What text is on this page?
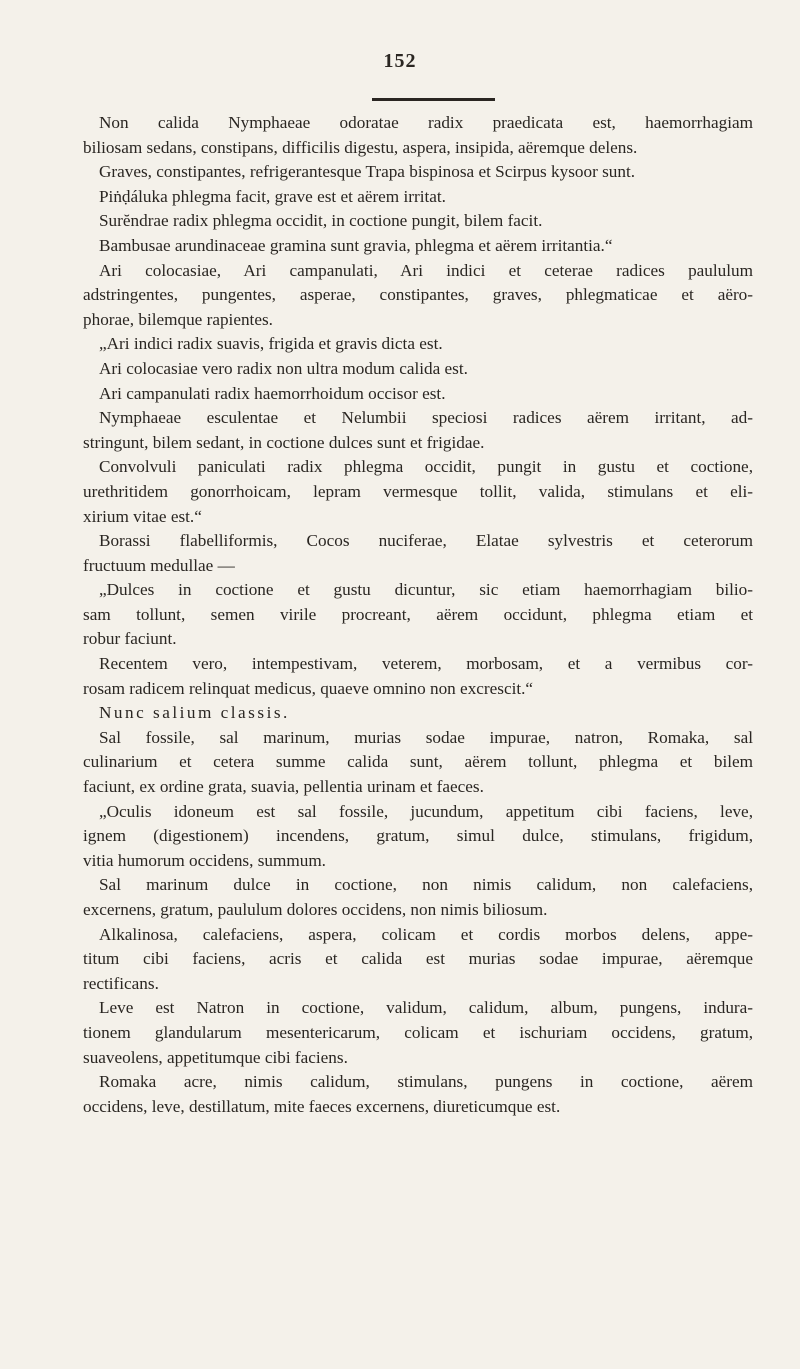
152
Non calida Nymphaeae odoratae radix praedicata est, haemorrhagiam
biliosam sedans, constipans, difficilis digestu, aspera, insipida, aëremque delens.
Graves, constipantes, refrigerantesque Trapa bispinosa et Scirpus kysoor sunt.
Piṅḍáluka phlegma facit, grave est et aërem irritat.
Surĕndrae radix phlegma occidit, in coctione pungit, bilem facit.
Bambusae arundinaceae gramina sunt gravia, phlegma et aërem irritantia.“
Ari colocasiae, Ari campanulati, Ari indici et ceterae radices paululum
adstringentes, pungentes, asperae, constipantes, graves, phlegmaticae et aëro-
phorae, bilemque rapientes.
„Ari indici radix suavis, frigida et gravis dicta est.
Ari colocasiae vero radix non ultra modum calida est.
Ari campanulati radix haemorrhoidum occisor est.
Nymphaeae esculentae et Nelumbii speciosi radices aërem irritant, ad-
stringunt, bilem sedant, in coctione dulces sunt et frigidae.
Convolvuli paniculati radix phlegma occidit, pungit in gustu et coctione,
urethritidem gonorrhoicam, lepram vermesque tollit, valida, stimulans et eli-
xirium vitae est.“
Borassi flabelliformis, Cocos nuciferae, Elatae sylvestris et ceterorum
fructuum medullae —
„Dulces in coctione et gustu dicuntur, sic etiam haemorrhagiam bilio-
sam tollunt, semen virile procreant, aërem occidunt, phlegma etiam et
robur faciunt.
Recentem vero, intempestivam, veterem, morbosam, et a vermibus cor-
rosam radicem relinquat medicus, quaeve omnino non excrescit.“
Nunc salium classis.
Sal fossile, sal marinum, murias sodae impurae, natron, Romaka, sal
culinarium et cetera summe calida sunt, aërem tollunt, phlegma et bilem
faciunt, ex ordine grata, suavia, pellentia urinam et faeces.
„Oculis idoneum est sal fossile, jucundum, appetitum cibi faciens, leve,
ignem (digestionem) incendens, gratum, simul dulce, stimulans, frigidum,
vitia humorum occidens, summum.
Sal marinum dulce in coctione, non nimis calidum, non calefaciens,
excernens, gratum, paululum dolores occidens, non nimis biliosum.
Alkalinosa, calefaciens, aspera, colicam et cordis morbos delens, appe-
titum cibi faciens, acris et calida est murias sodae impurae, aëremque
rectificans.
Leve est Natron in coctione, validum, calidum, album, pungens, indura-
tionem glandularum mesentericarum, colicam et ischuriam occidens, gratum,
suaveolens, appetitumque cibi faciens.
Romaka acre, nimis calidum, stimulans, pungens in coctione, aërem
occidens, leve, destillatum, mite faeces excernens, diureticumque est.
